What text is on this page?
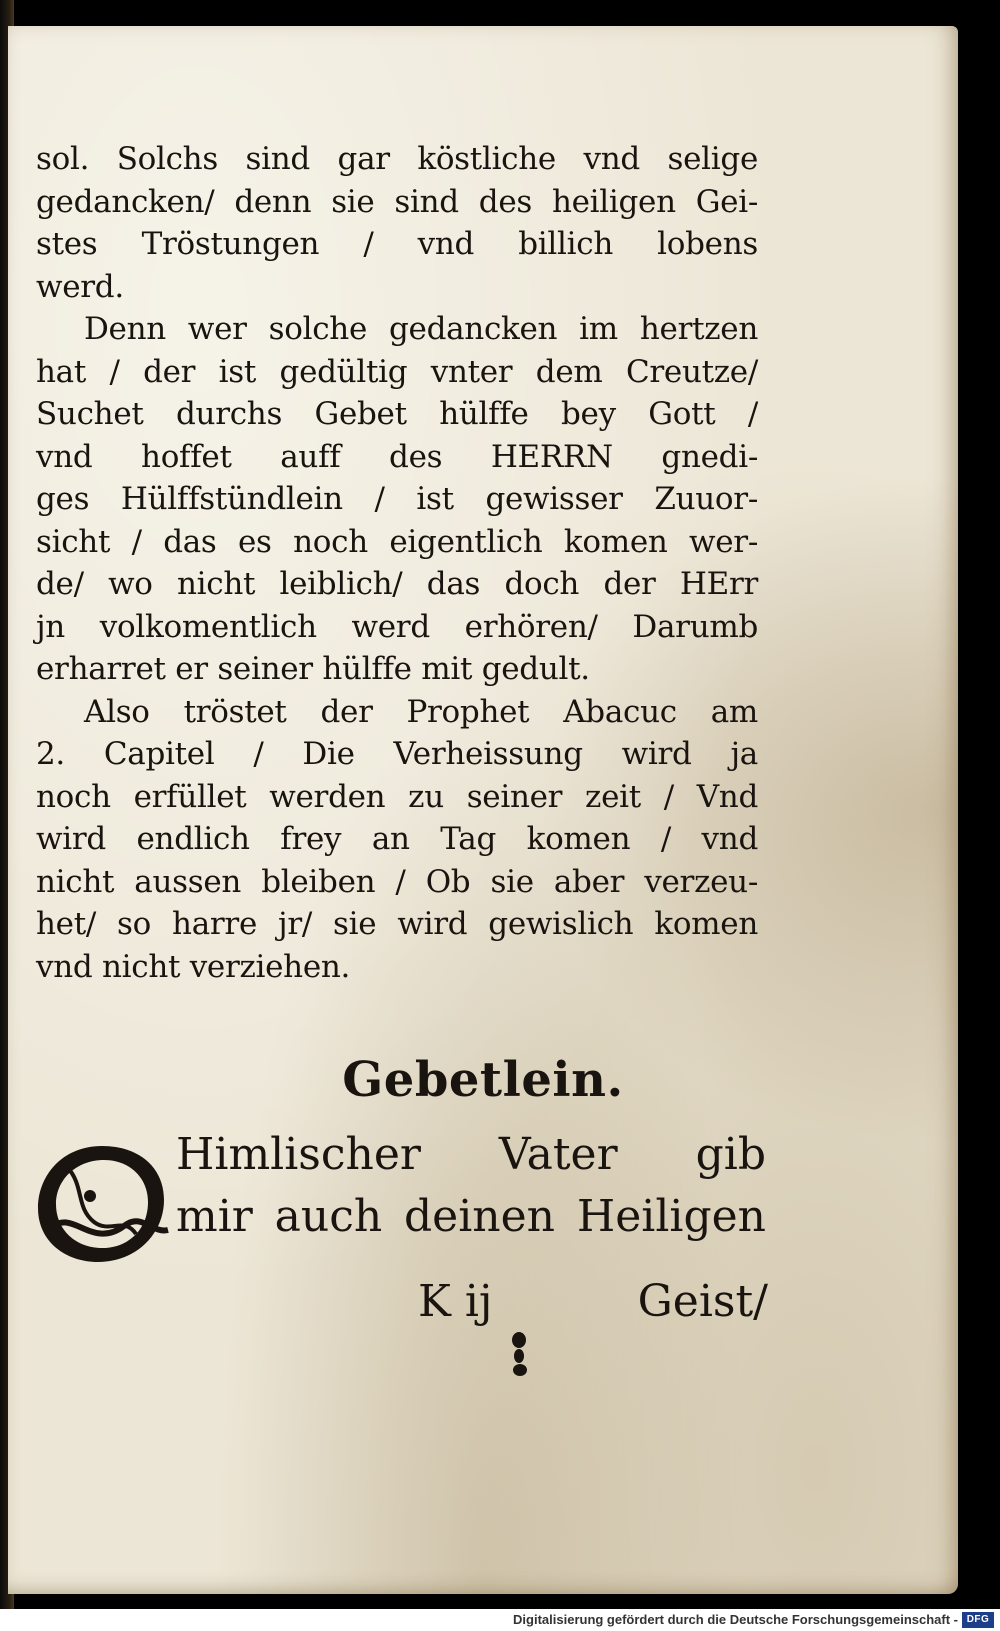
sol. Solchs sind gar köstliche vnd selige
gedancken/ denn sie sind des heiligen Gei-
stes Tröstungen / vnd billich lobens
werd.
Denn wer solche gedancken im hertzen
hat / der ist gedültig vnter dem Creutze/
Suchet durchs Gebet hülffe bey Gott /
vnd hoffet auff des HERRN gnedi-
ges Hülffstündlein / ist gewisser Zuuor-
sicht / das es noch eigentlich komen wer-
de/ wo nicht leiblich/ das doch der HErr
jn volkomentlich werd erhören/ Darumb
erharret er seiner hülffe mit gedult.
Also tröstet der Prophet Abacuc am
2. Capitel / Die Verheissung wird ja
noch erfüllet werden zu seiner zeit / Vnd
wird endlich frey an Tag komen / vnd
nicht aussen bleiben / Ob sie aber verzeu-
het/ so harre jr/ sie wird gewislich komen
vnd nicht verziehen.
Gebetlein.
O
Himlischer Vater gib
mir auch deinen Heiligen
K ij	Geist/
Digitalisierung gefördert durch die Deutsche Forschungsgemeinschaft - DFG
